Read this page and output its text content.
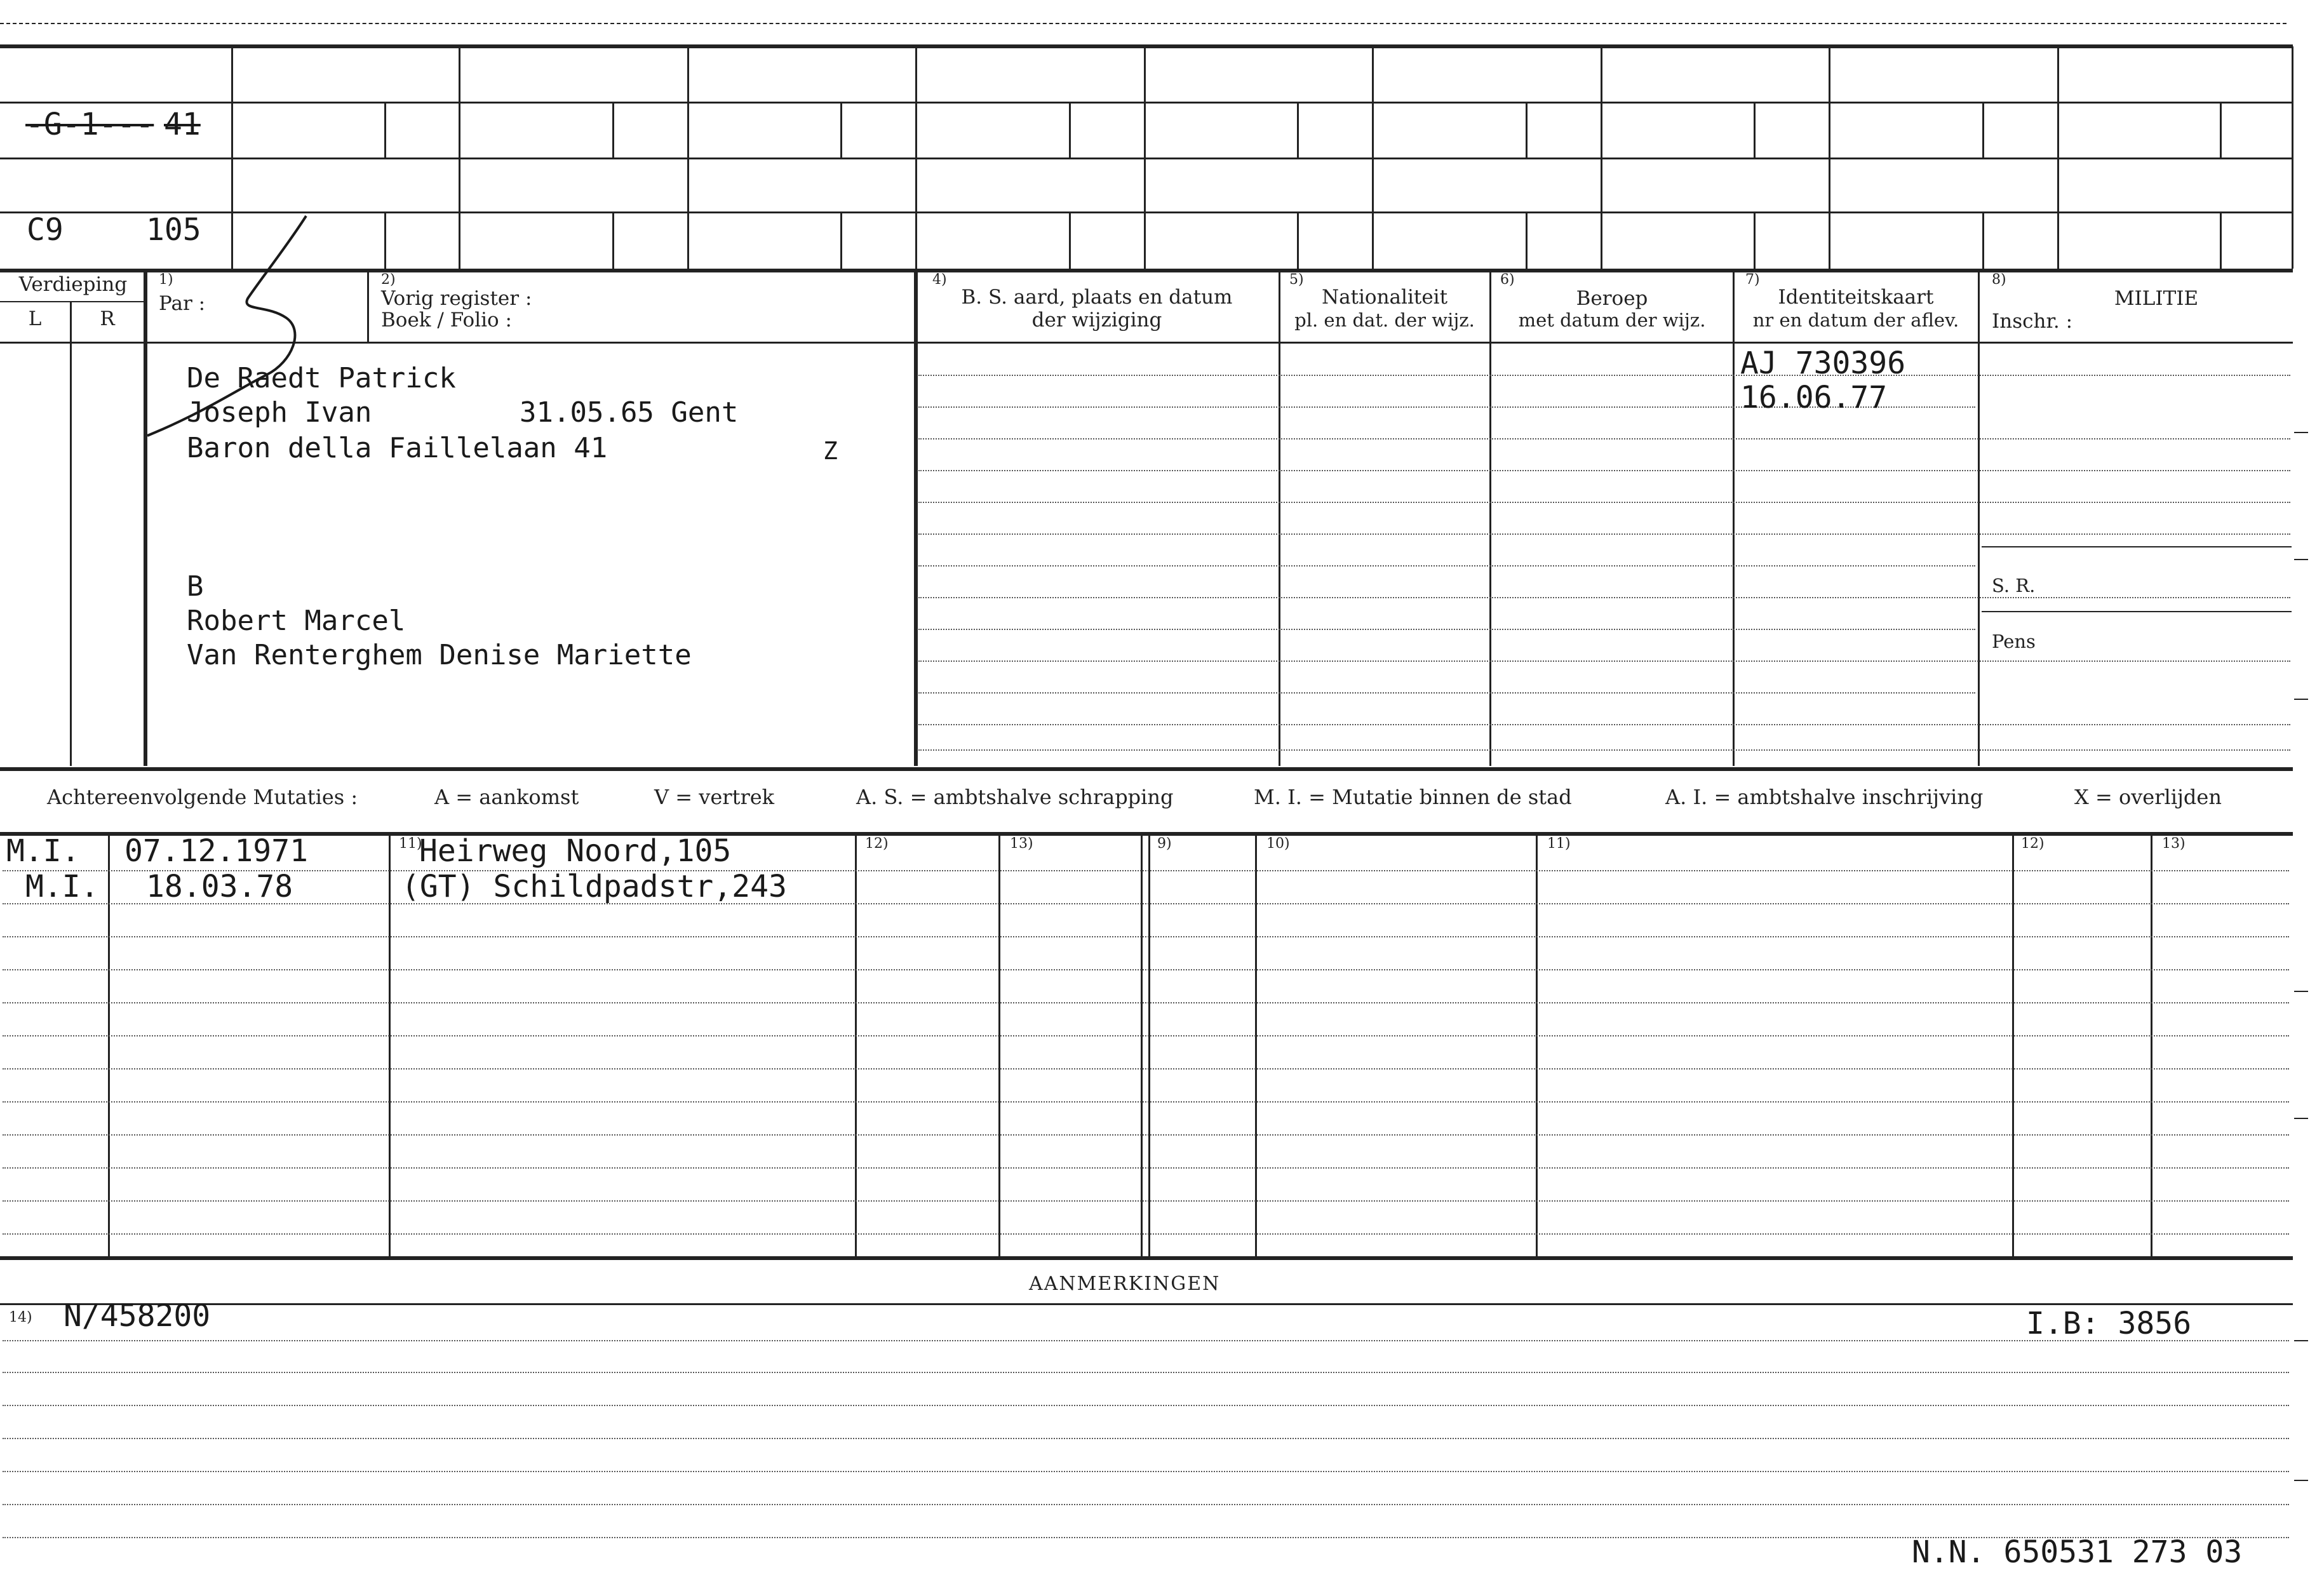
-G-1--- 41
C9	105
Verdieping
L	R
1)
Par :
2)
Vorig register :
Boek / Folio :
4)
B. S. aard, plaats en datum
der wijziging
5)
Nationaliteit
pl. en dat. der wijz.
6)
Beroep
met datum der wijz.
7)
Identiteitskaart
nr en datum der aflev.
8)
MILITIE
Inschr. :
S. R.
Pens
De Raedt Patrick
Joseph Ivan	31.05.65 Gent
Baron della Faillelaan 41	Z
B
Robert Marcel
Van Renterghem Denise Mariette
AJ 730396
16.06.77
Achtereenvolgende Mutaties :	A = aankomst	V = vertrek	A. S. = ambtshalve schrapping	M. I. = Mutatie binnen de stad	A. I. = ambtshalve inschrijving	X = overlijden
11)	12)	13)	9)	10)	11)	12)	13)
M.I. 07.12.1971	Heirweg Noord,105
M.I. 18.03.78	(GT) Schildpadstr,243
AANMERKINGEN
14) N/458200	I.B: 3856
N.N. 650531 273 03
